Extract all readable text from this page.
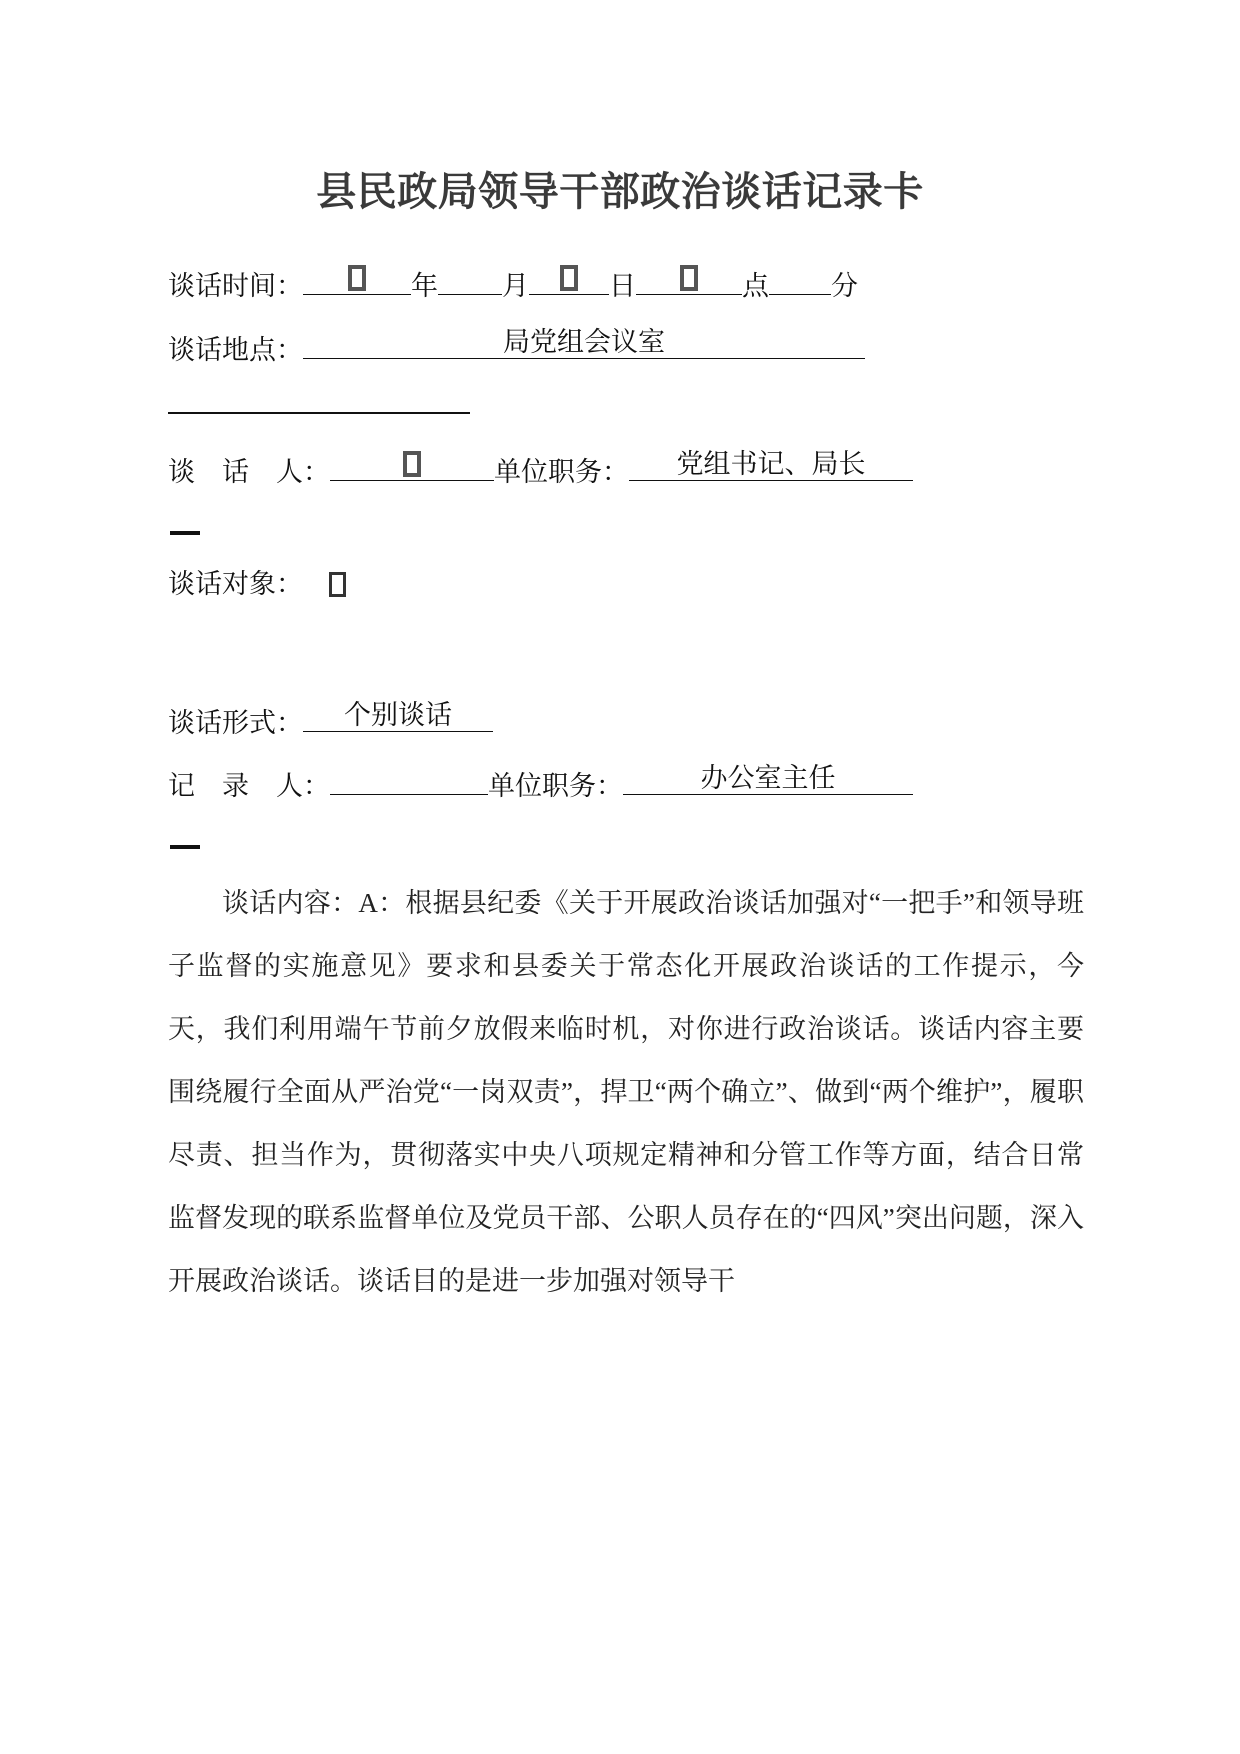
县民政局领导干部政治谈话记录卡
谈话时间：	年 月	日	点 分
谈话地点：	局党组会议室
谈　话　人：	单位职务： 党组书记、局长
谈话对象：
谈话形式： 个别谈话
记　录　人：	单位职务：	办公室主任

谈话内容：A：根据县纪委《关于开展政治谈话加强对“一把手”和领导班子监督的实施意见》要求和县委关于常态化开展政治谈话的工作提示，今天，我们利用端午节前夕放假来临时机，对你进行政治谈话。谈话内容主要围绕履行全面从严治党“一岗双责”，捍卫“两个确立”、做到“两个维护”，履职尽责、担当作为，贯彻落实中央八项规定精神和分管工作等方面，结合日常监督发现的联系监督单位及党员干部、公职人员存在的“四风”突出问题，深入开展政治谈话。谈话目的是进一步加强对领导干
